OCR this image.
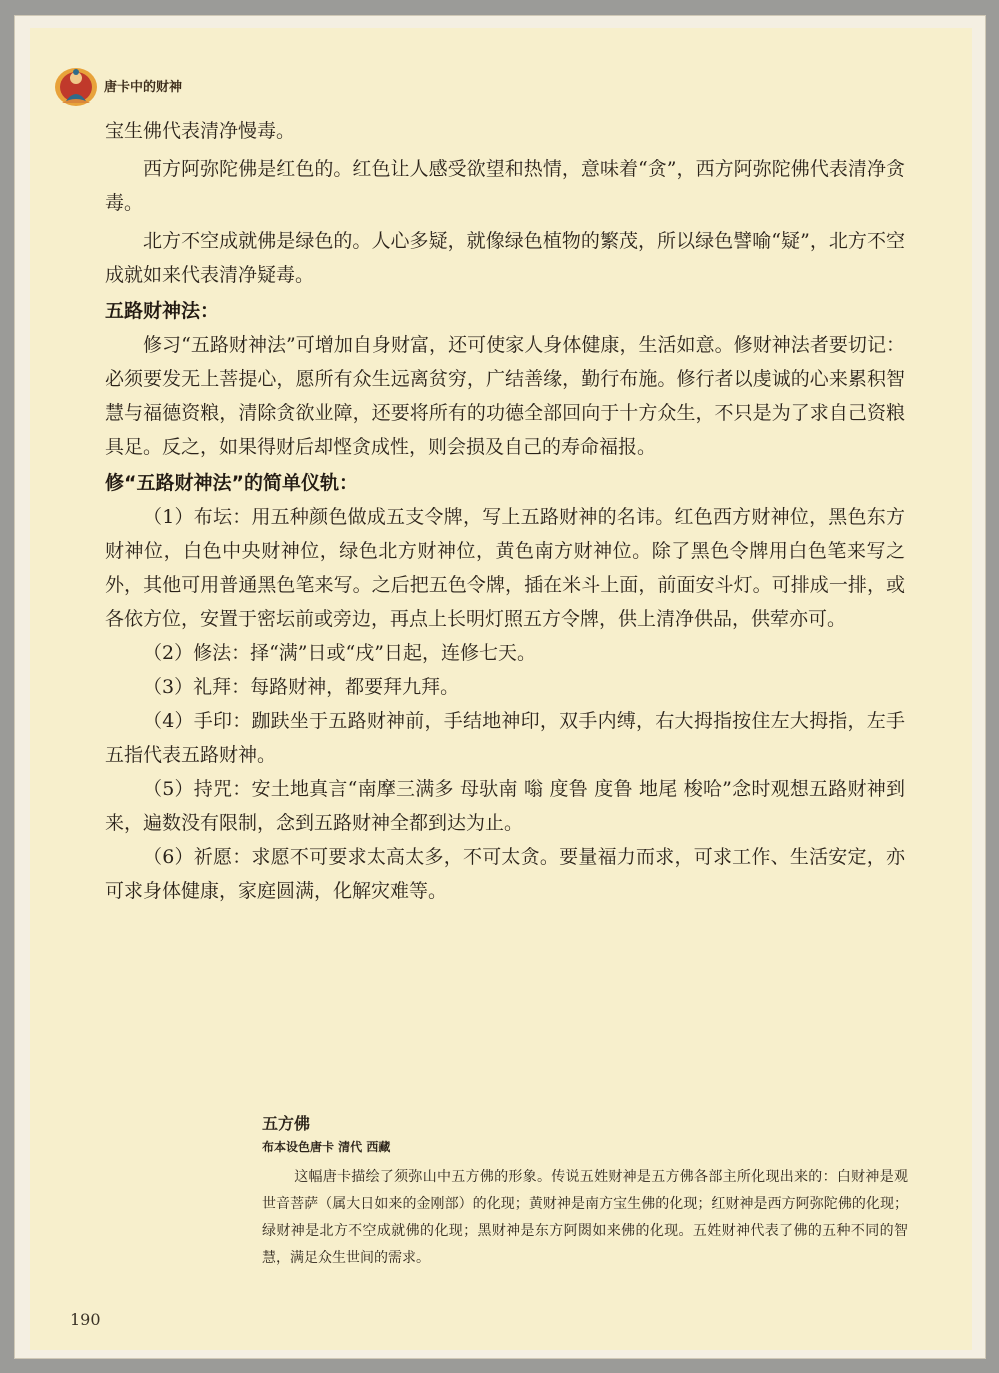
唐卡中的财神

宝生佛代表清净慢毒。

西方阿弥陀佛是红色的。红色让人感受欲望和热情，意味着“贪”，西方阿弥陀佛代表清净贪毒。

北方不空成就佛是绿色的。人心多疑，就像绿色植物的繁茂，所以绿色譬喻“疑”，北方不空成就如来代表清净疑毒。

五路财神法：

修习“五路财神法”可增加自身财富，还可使家人身体健康，生活如意。修财神法者要切记：必须要发无上菩提心，愿所有众生远离贫穷，广结善缘，勤行布施。修行者以虔诚的心来累积智慧与福德资粮，清除贪欲业障，还要将所有的功德全部回向于十方众生，不只是为了求自己资粮具足。反之，如果得财后却悭贪成性，则会损及自己的寿命福报。

修“五路财神法”的简单仪轨：

（1）布坛：用五种颜色做成五支令牌，写上五路财神的名讳。红色西方财神位，黑色东方财神位，白色中央财神位，绿色北方财神位，黄色南方财神位。除了黑色令牌用白色笔来写之外，其他可用普通黑色笔来写。之后把五色令牌，插在米斗上面，前面安斗灯。可排成一排，或各依方位，安置于密坛前或旁边，再点上长明灯照五方令牌，供上清净供品，供荤亦可。

（2）修法：择“满”日或“戌”日起，连修七天。

（3）礼拜：每路财神，都要拜九拜。

（4）手印：跏趺坐于五路财神前，手结地神印，双手内缚，右大拇指按住左大拇指，左手五指代表五路财神。

（5）持咒：安土地真言“南摩三满多 母驮南 嗡 度鲁 度鲁 地尾 梭哈”念时观想五路财神到来，遍数没有限制，念到五路财神全都到达为止。

（6）祈愿：求愿不可要求太高太多，不可太贪。要量福力而求，可求工作、生活安定，亦可求身体健康，家庭圆满，化解灾难等。

五方佛
布本设色唐卡 清代 西藏
这幅唐卡描绘了须弥山中五方佛的形象。传说五姓财神是五方佛各部主所化现出来的：白财神是观世音菩萨（属大日如来的金刚部）的化现；黄财神是南方宝生佛的化现；红财神是西方阿弥陀佛的化现；绿财神是北方不空成就佛的化现；黑财神是东方阿閦如来佛的化现。五姓财神代表了佛的五种不同的智慧，满足众生世间的需求。
190
